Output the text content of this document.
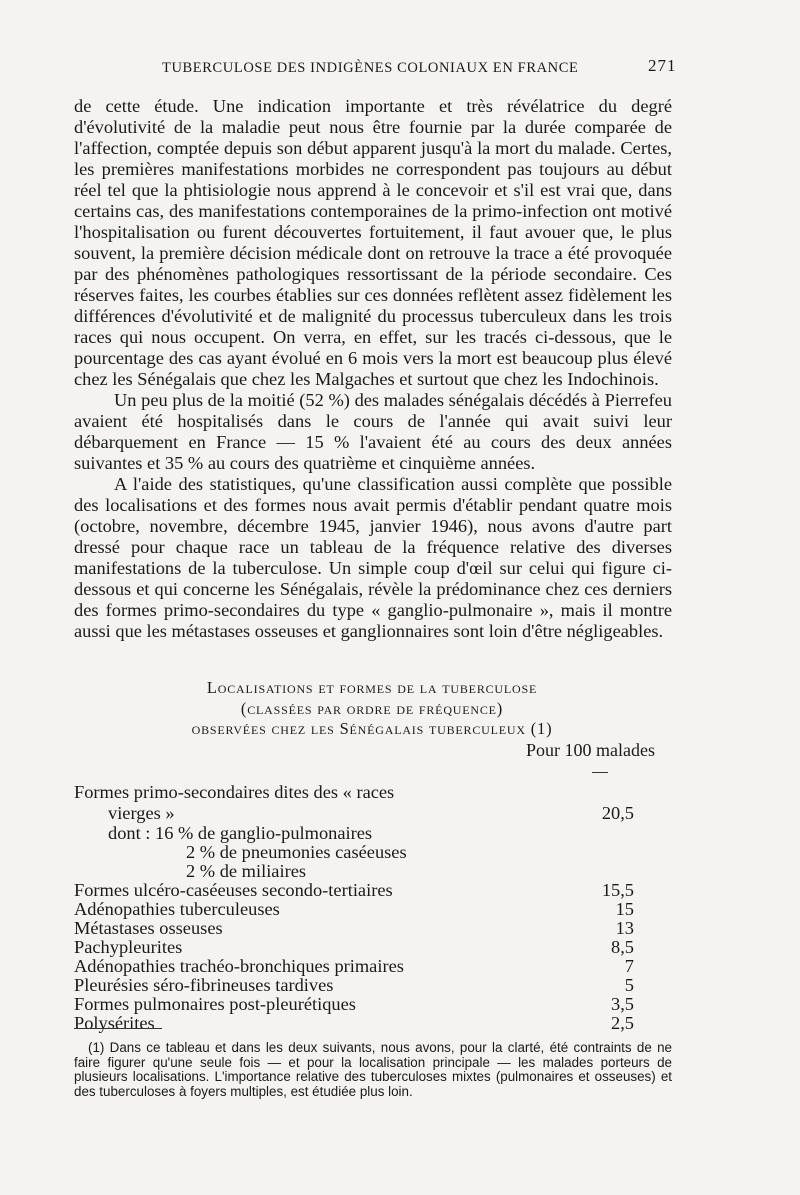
TUBERCULOSE DES INDIGÈNES COLONIAUX EN FRANCE	271

de cette étude. Une indication importante et très révélatrice du degré d'évolutivité de la maladie peut nous être fournie par la durée comparée de l'affection, comptée depuis son début apparent jusqu'à la mort du malade. Certes, les premières manifestations morbides ne correspondent pas toujours au début réel tel que la phtisiologie nous apprend à le concevoir et s'il est vrai que, dans certains cas, des manifestations contemporaines de la primo-infection ont motivé l'hospitalisation ou furent découvertes fortuitement, il faut avouer que, le plus souvent, la première décision médicale dont on retrouve la trace a été provoquée par des phénomènes pathologiques ressortissant de la période secondaire. Ces réserves faites, les courbes établies sur ces données reflètent assez fidèlement les différences d'évolutivité et de malignité du processus tuberculeux dans les trois races qui nous occupent. On verra, en effet, sur les tracés ci-dessous, que le pourcentage des cas ayant évolué en 6 mois vers la mort est beaucoup plus élevé chez les Sénégalais que chez les Malgaches et surtout que chez les Indochinois.

Un peu plus de la moitié (52 %) des malades sénégalais décédés à Pierrefeu avaient été hospitalisés dans le cours de l'année qui avait suivi leur débarquement en France — 15 % l'avaient été au cours des deux années suivantes et 35 % au cours des quatrième et cinquième années.

A l'aide des statistiques, qu'une classification aussi complète que possible des localisations et des formes nous avait permis d'établir pendant quatre mois (octobre, novembre, décembre 1945, janvier 1946), nous avons d'autre part dressé pour chaque race un tableau de la fréquence relative des diverses manifestations de la tuberculose. Un simple coup d'œil sur celui qui figure ci-dessous et qui concerne les Sénégalais, révèle la prédominance chez ces derniers des formes primo-secondaires du type « ganglio-pulmonaire », mais il montre aussi que les métastases osseuses et ganglionnaires sont loin d'être négligeables.

Localisations et formes de la tuberculose
(classées par ordre de fréquence)
observées chez les Sénégalais tuberculeux (1)
Pour 100 malades
Formes primo-secondaires dites des « races
vierges »	20,5
dont : 16 % de ganglio-pulmonaires
2 % de pneumonies caséeuses
2 % de miliaires
Formes ulcéro-caséeuses secondo-tertiaires	15,5
Adénopathies tuberculeuses	15
Métastases osseuses	13
Pachypleurites	8,5
Adénopathies trachéo-bronchiques primaires	7
Pleurésies séro-fibrineuses tardives	5
Formes pulmonaires post-pleurétiques	3,5
Polysérites	2,5

(1) Dans ce tableau et dans les deux suivants, nous avons, pour la clarté, été contraints de ne faire figurer qu'une seule fois — et pour la localisation principale — les malades porteurs de plusieurs localisations. L'importance relative des tuberculoses mixtes (pulmonaires et osseuses) et des tuberculoses à foyers multiples, est étudiée plus loin.
